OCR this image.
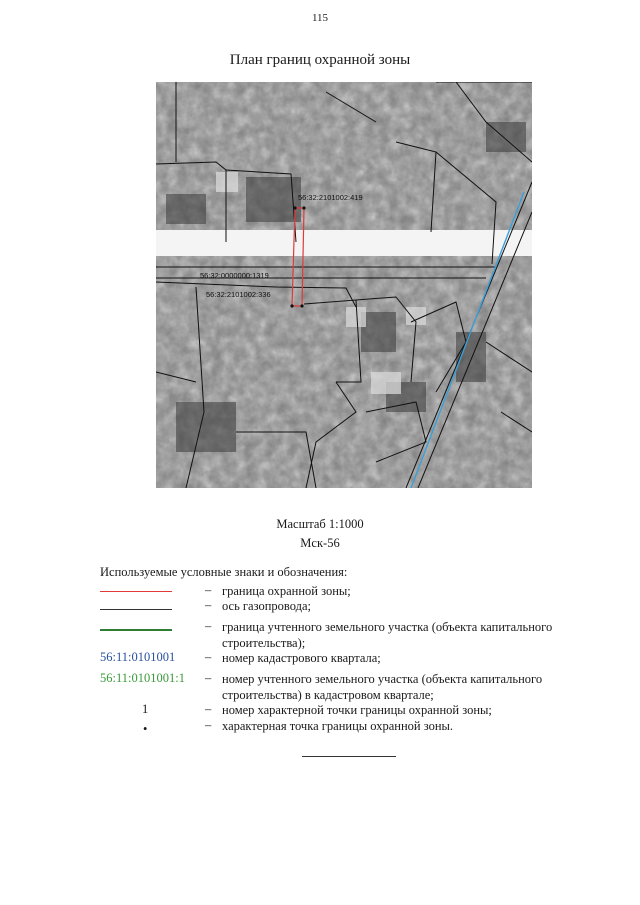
115
План границ охранной зоны
56:32:2101002:419
56:32:0000000:1319
56:32:2101002:336
Масштаб 1:1000
Мск-56
Используемые условные знаки и обозначения:
– граница охранной зоны;
– ось газопровода;
– граница учтенного земельного участка (объекта капитального строительства);
56:11:0101001 – номер кадастрового квартала;
56:11:0101001:1 – номер учтенного земельного участка (объекта капитального строительства) в кадастровом квартале;
1	– номер характерной точки границы охранной зоны;
•	– характерная точка границы охранной зоны.
